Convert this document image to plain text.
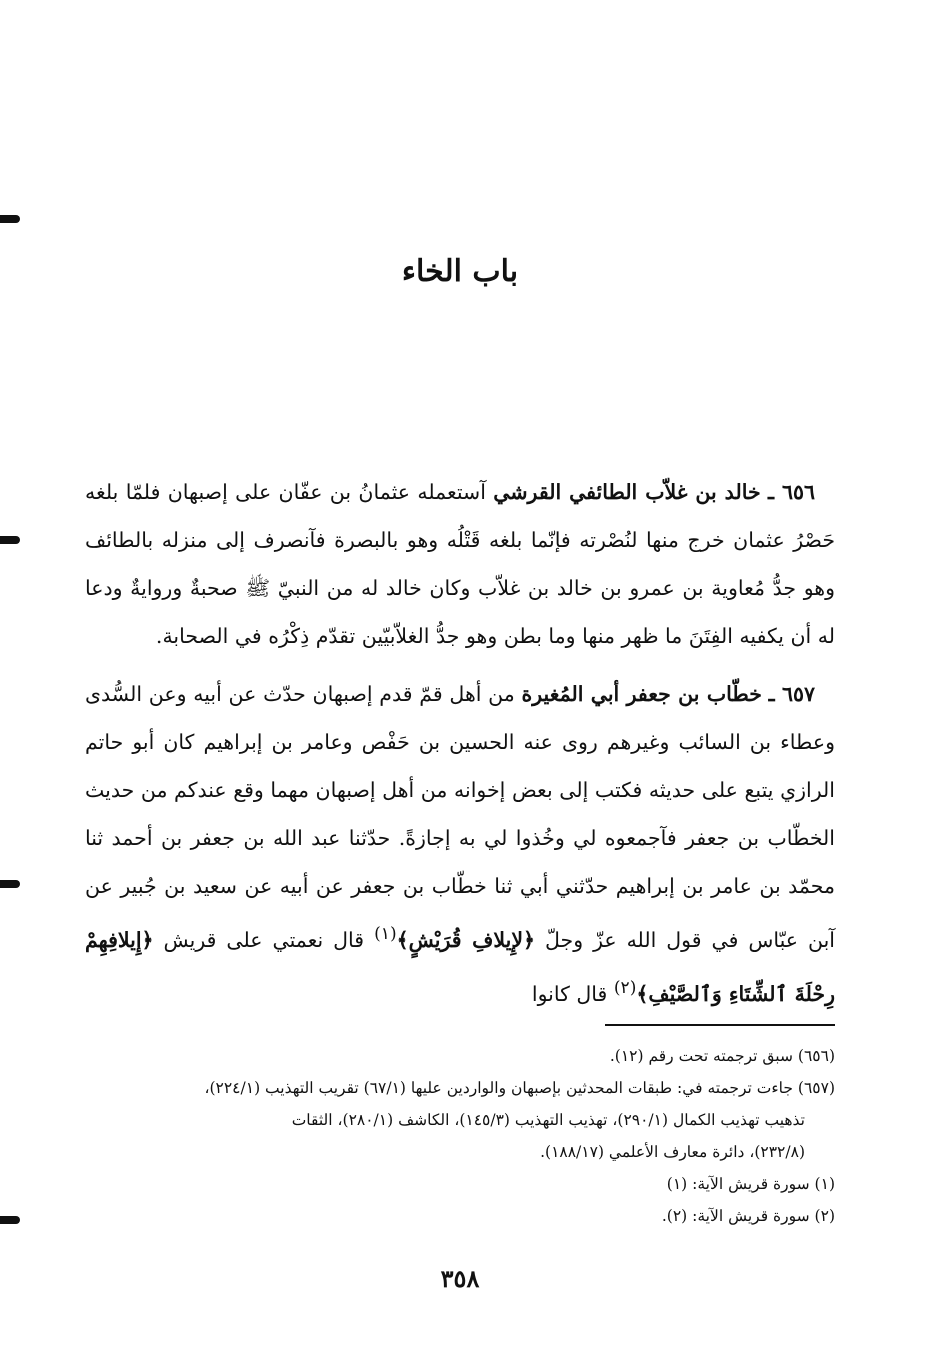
باب الخاء

٦٥٦ ـ خالد بن غلاّب الطائفي القرشي آستعمله عثمانُ بن عفّان على إصبهان فلمّا بلغه حَصْرُ عثمان خرج منها لنُصْرته فإنّما بلغه قَتْلُه وهو بالبصرة فآنصرف إلى منزله بالطائف وهو جدُّ مُعاوية بن عمرو بن خالد بن غلاّب وكان خالد له من النبيّ ﷺ صحبةٌ وروايةٌ ودعا له أن يكفيه الفِتَنَ ما ظهر منها وما بطن وهو جدُّ الغلاّبيّين تقدّم ذِكْرُه في الصحابة.

٦٥٧ ـ خطّاب بن جعفر أبي المُغيرة من أهل قمّ قدم إصبهان حدّث عن أبيه وعن السُّدى وعطاء بن السائب وغيرهم روى عنه الحسين بن حَفْص وعامر بن إبراهيم كان أبو حاتم الرازي يتبع على حديثه فكتب إلى بعض إخوانه من أهل إصبهان مهما وقع عندكم من حديث الخطّاب بن جعفر فآجمعوه لي وخُذوا لي به إجازةً. حدّثنا عبد الله بن جعفر بن أحمد ثنا محمّد بن عامر بن إبراهيم حدّثني أبي ثنا خطّاب بن جعفر عن أبيه عن سعيد بن جُبير عن آبن عبّاس في قول الله عزّ وجلّ ﴿لإِيلافِ قُرَيْشٍ﴾$^{(١)}$ قال نعمتي على قريش ﴿إِيلافِهِمْ رِحْلَةَ ٱلشِّتَاءِ وَٱلصَّيْفِ﴾$^{(٢)}$ قال كانوا

(٦٥٦) سبق ترجمته تحت رقم (١٢).

(٦٥٧) جاءت ترجمته في: طبقات المحدثين بإصبهان والواردين عليها (٦٧/١) تقريب التهذيب (٢٢٤/١)،

تذهيب تهذيب الكمال (٢٩٠/١)، تهذيب التهذيب (١٤٥/٣)، الكاشف (٢٨٠/١)، الثقات

(٢٣٢/٨)، دائرة معارف الأعلمي (١٨٨/١٧).

(١) سورة قريش الآية: (١)

(٢) سورة قريش الآية: (٢).

٣٥٨
